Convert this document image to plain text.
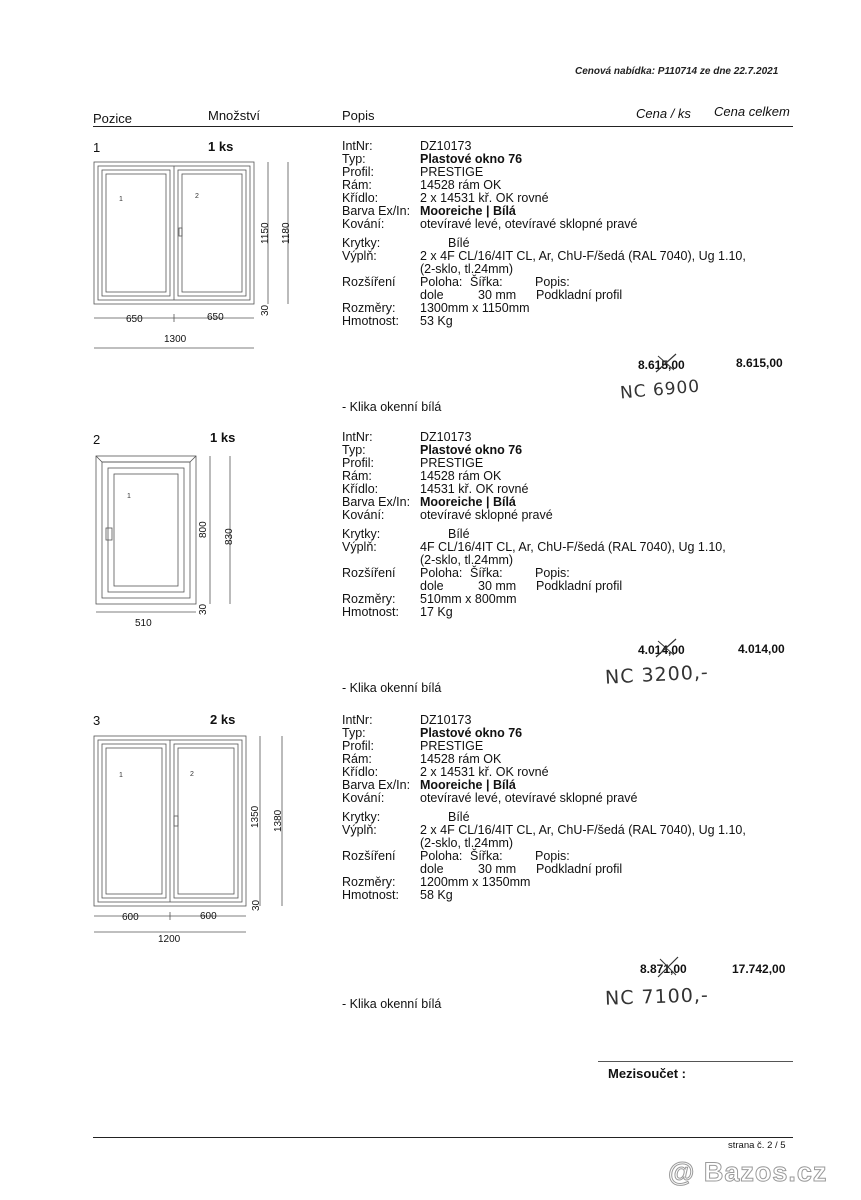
Cenová nabídka: P110714 ze dne 22.7.2021
Pozice	Množství	Popis	Cena / ks Cena celkem
1	1 ks
1	2
650	650
1300
1150 1180
30
IntNr:	DZ10173
Typ:	Plastové okno 76
Profil:	PRESTIGE
Rám:	14528 rám OK
Křídlo:	2 x 14531 kř. OK rovné
Barva Ex/In: Mooreiche | Bílá
Kování:	otevíravé levé, otevíravé sklopné pravé
Krytky:	Bílé
Výplň:	2 x 4F CL/16/4IT CL, Ar, ChU-F/šedá (RAL 7040), Ug 1.10,
(2-sklo, tl.24mm)
Rozšíření	Poloha: Šířka:	Popis:
dole	30 mm	Podkladní profil
Rozměry:	1300mm x 1150mm
Hmotnost:	53 Kg
8.615,00	8.615,00
NC 6900
- Klika okenní bílá
2	1 ks
1
510
800 830
30
IntNr:	DZ10173
Typ:	Plastové okno 76
Profil:	PRESTIGE
Rám:	14528 rám OK
Křídlo:	14531 kř. OK rovné
Barva Ex/In: Mooreiche | Bílá
Kování:	otevíravé sklopné pravé
Krytky:	Bílé
Výplň:	4F CL/16/4IT CL, Ar, ChU-F/šedá (RAL 7040), Ug 1.10,
(2-sklo, tl.24mm)
Rozšíření	Poloha: Šířka:	Popis:
dole	30 mm	Podkladní profil
Rozměry:	510mm x 800mm
Hmotnost:	17 Kg
4.014,00	4.014,00
NC 3200,-
- Klika okenní bílá
3	2 ks
1	2
600	600
1200
1350 1380
30
IntNr:	DZ10173
Typ:	Plastové okno 76
Profil:	PRESTIGE
Rám:	14528 rám OK
Křídlo:	2 x 14531 kř. OK rovné
Barva Ex/In: Mooreiche | Bílá
Kování:	otevíravé levé, otevíravé sklopné pravé
Krytky:	Bílé
Výplň:	2 x 4F CL/16/4IT CL, Ar, ChU-F/šedá (RAL 7040), Ug 1.10,
(2-sklo, tl.24mm)
Rozšíření	Poloha: Šířka:	Popis:
dole	30 mm	Podkladní profil
Rozměry:	1200mm x 1350mm
Hmotnost:	58 Kg
8.871,00	17.742,00
NC 7100,-
- Klika okenní bílá
Mezisoučet :
strana č. 2 / 5
@ Bazos.cz
